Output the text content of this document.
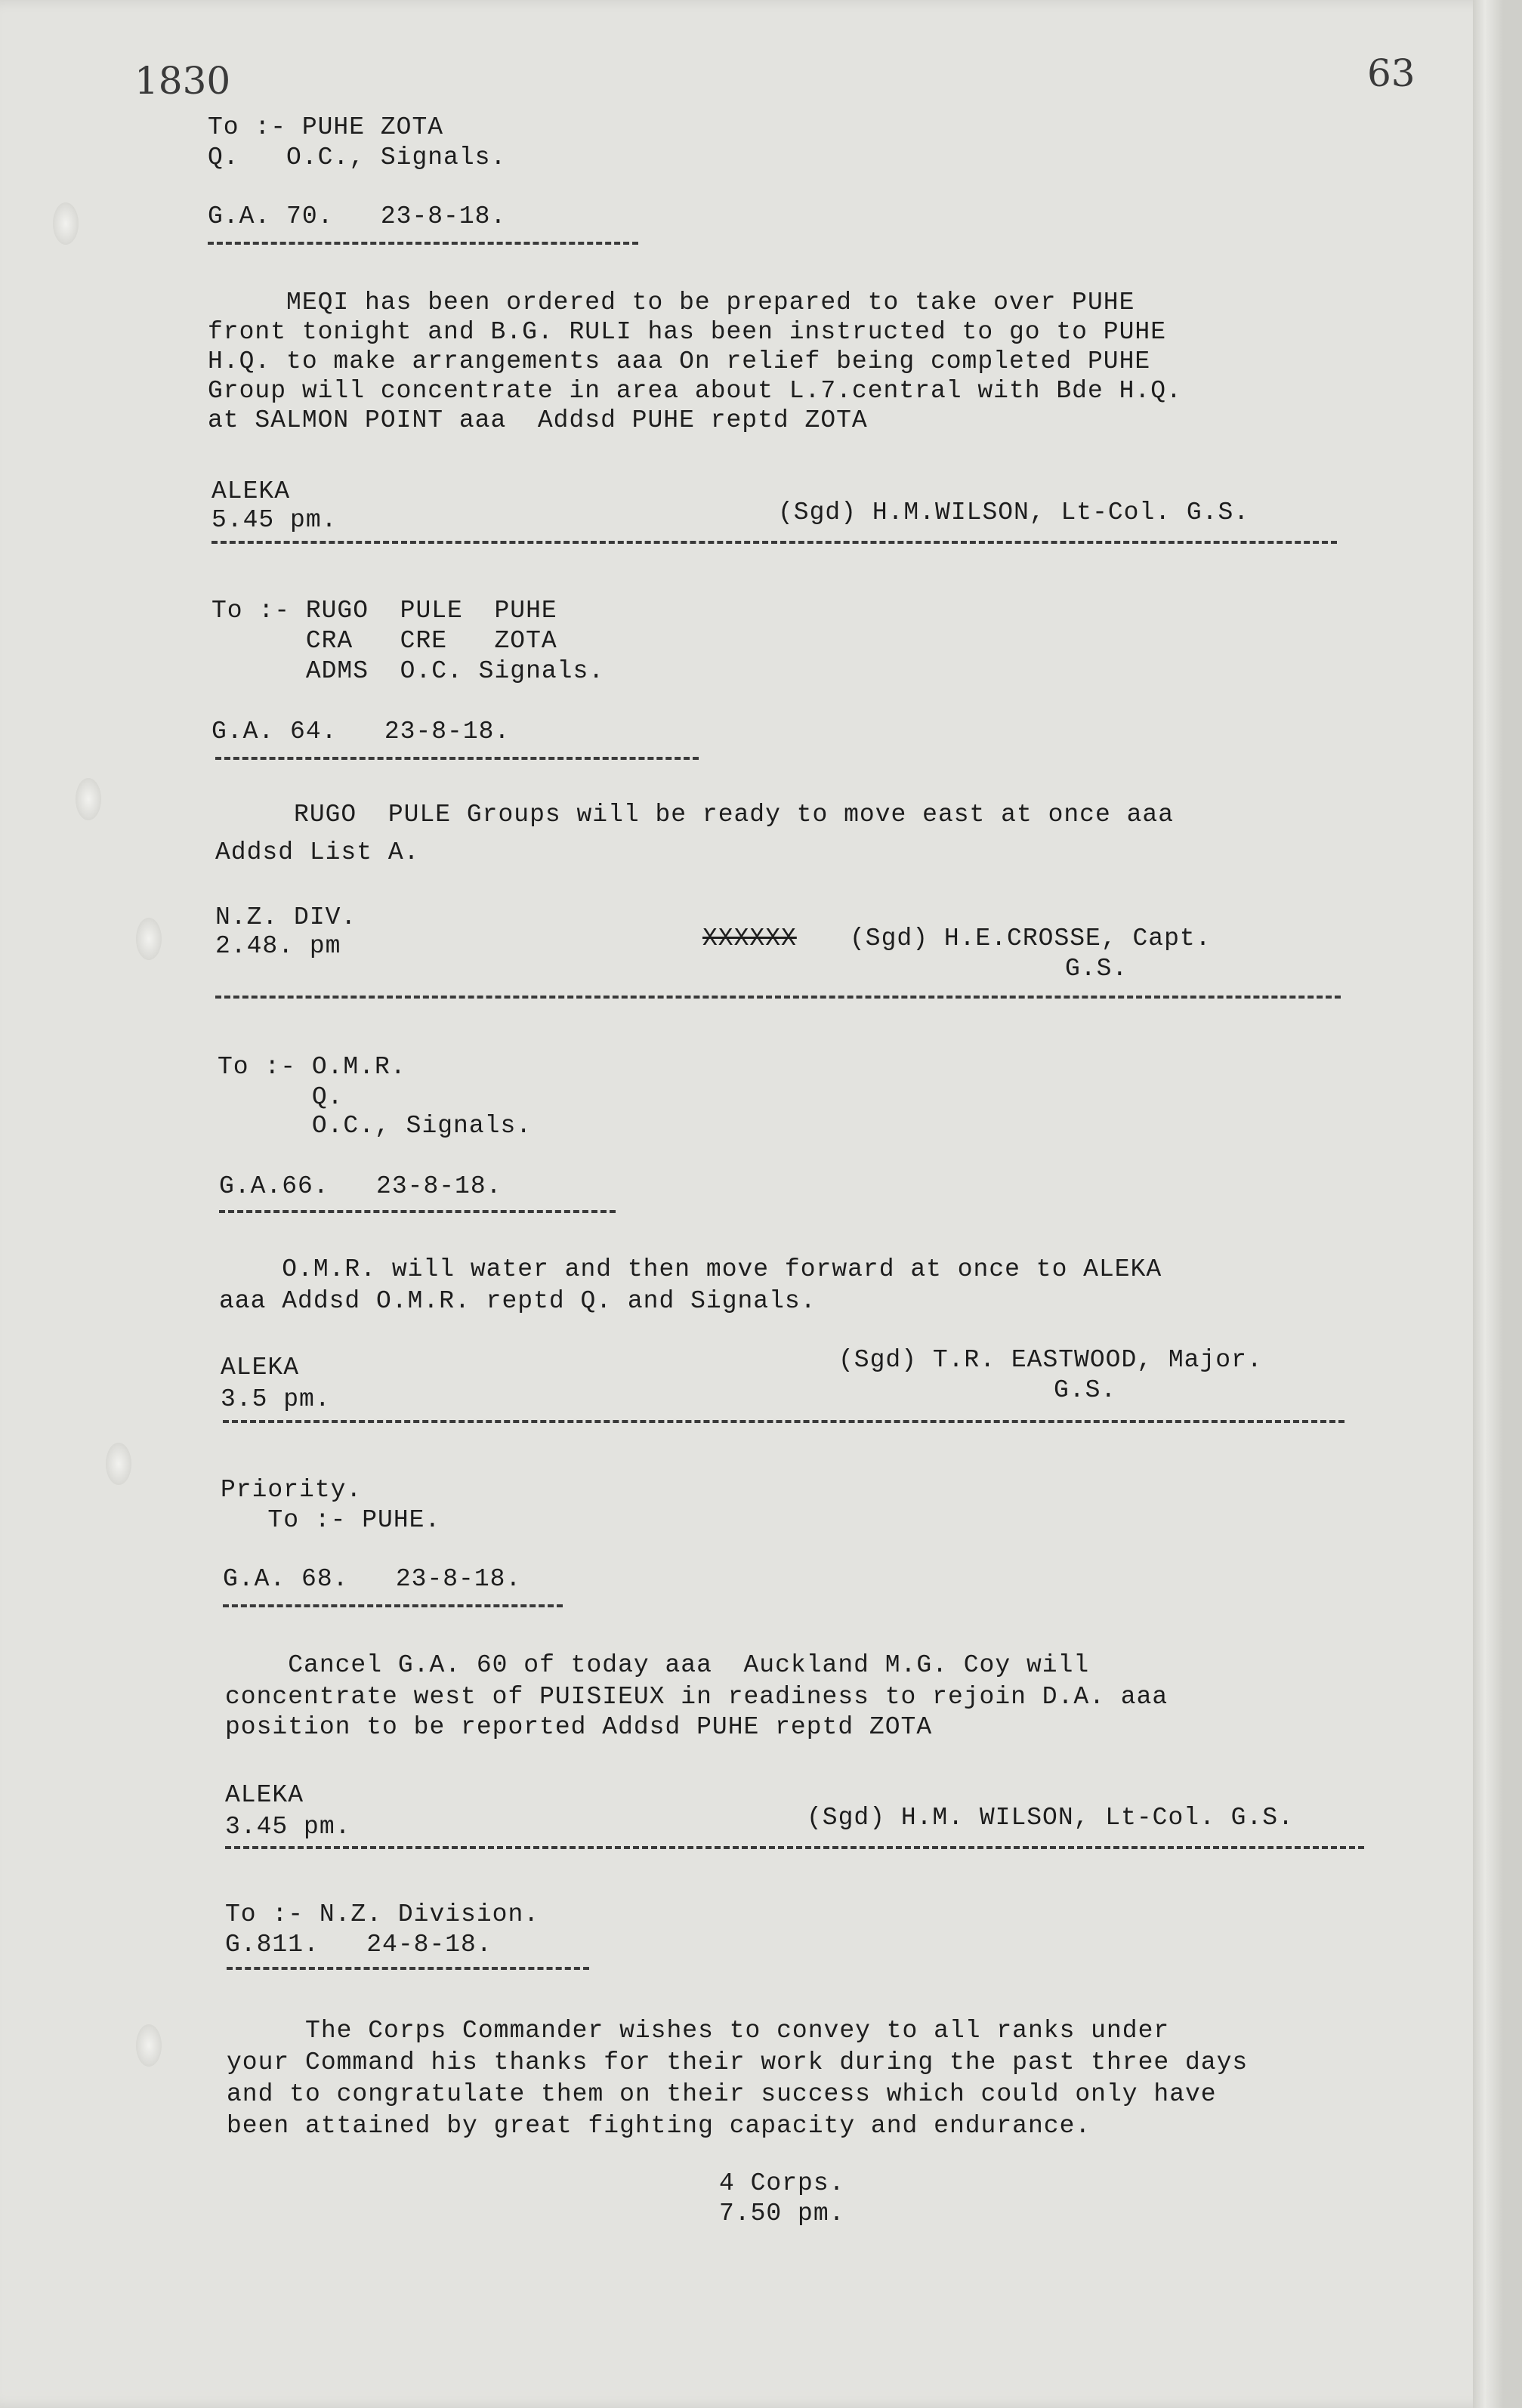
1830	63
To :- PUHE ZOTA
Q.   O.C., Signals.
G.A. 70.   23-8-18.
MEQI has been ordered to be prepared to take over PUHE
front tonight and B.G. RULI has been instructed to go to PUHE
H.Q. to make arrangements aaa On relief being completed PUHE
Group will concentrate in area about L.7.central with Bde H.Q.
at SALMON POINT aaa  Addsd PUHE reptd ZOTA
ALEKA
5.45 pm.	(Sgd) H.M.WILSON, Lt-Col. G.S.
To :- RUGO  PULE  PUHE
CRA   CRE   ZOTA
ADMS  O.C. Signals.
G.A. 64.   23-8-18.
RUGO  PULE Groups will be ready to move east at once aaa
Addsd List A.
N.Z. DIV.
2.48. pm	XXXXXX (Sgd) H.E.CROSSE, Capt.
G.S.
To :- O.M.R.
Q.
O.C., Signals.
G.A.66.   23-8-18.
O.M.R. will water and then move forward at once to ALEKA
aaa Addsd O.M.R. reptd Q. and Signals.
ALEKA
3.5 pm.
(Sgd) T.R. EASTWOOD, Major.
G.S.
Priority.
To :- PUHE.
G.A. 68.   23-8-18.
Cancel G.A. 60 of today aaa  Auckland M.G. Coy will
concentrate west of PUISIEUX in readiness to rejoin D.A. aaa
position to be reported Addsd PUHE reptd ZOTA
ALEKA
3.45 pm.	(Sgd) H.M. WILSON, Lt-Col. G.S.
To :- N.Z. Division.
G.811.   24-8-18.
The Corps Commander wishes to convey to all ranks under
your Command his thanks for their work during the past three days
and to congratulate them on their success which could only have
been attained by great fighting capacity and endurance.
4 Corps.
7.50 pm.
